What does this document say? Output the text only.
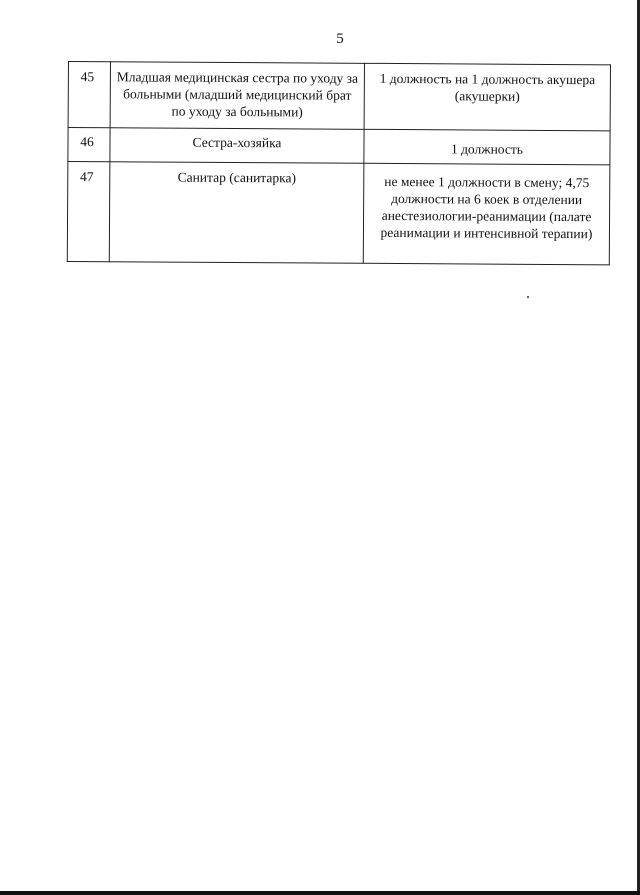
5
45	Младшая медицинская сестра по уходу за больными (младший медицинский брат по уходу за больными)	1 должность на 1 должность акушера (акушерки)
46	Сестра-хозяйка	1 должность
47	Санитар (санитарка)	не менее 1 должности в смену; 4,75 должности на 6 коек в отделении анестезиологии-реанимации (палате реанимации и интенсивной терапии)
